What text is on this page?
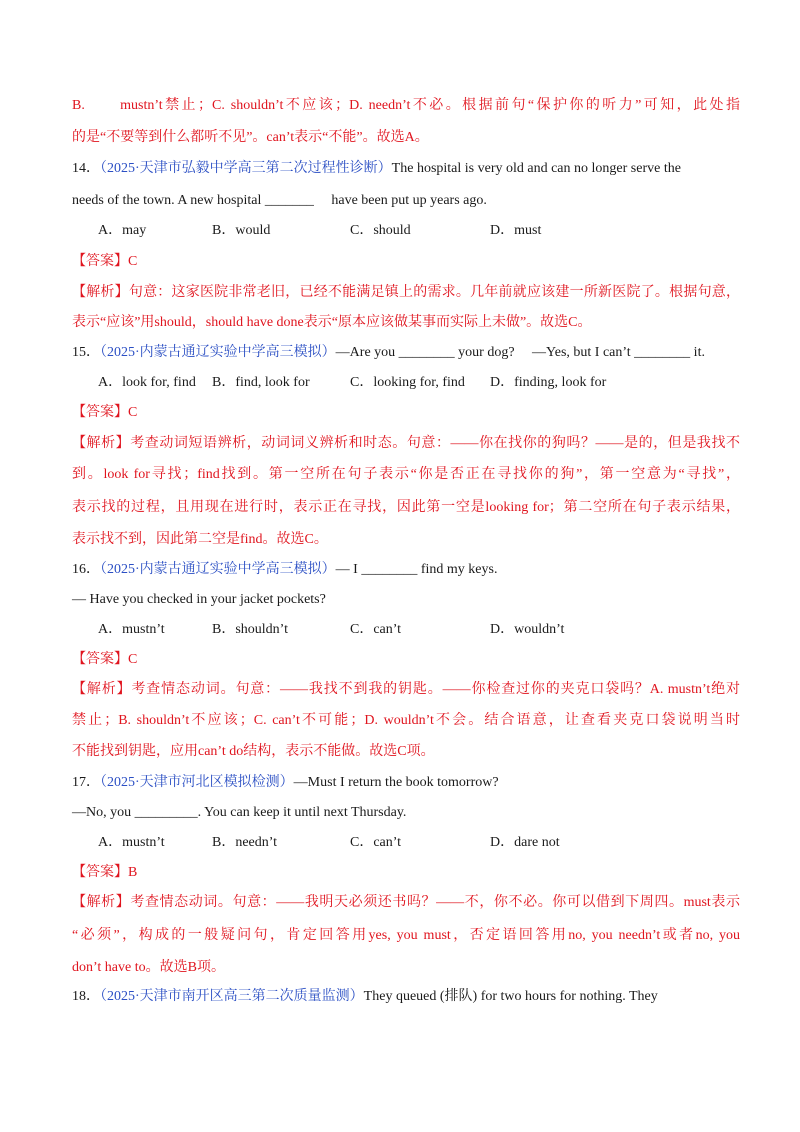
B.　　mustn’t禁止；C. shouldn’t不应该；D. needn’t不必。根据前句“保护你的听力”可知，此处指
的是“不要等到什么都听不见”。can’t表示“不能”。故选A。
14．（2025·天津市弘毅中学高三第二次过程性诊断）The hospital is very old and can no longer serve the
needs of the town. A new hospital _______　 have been put up years ago.
A．may	B．would	C．should	D．must
【答案】C
【解析】句意：这家医院非常老旧，已经不能满足镇上的需求。几年前就应该建一所新医院了。根据句意，
表示“应该”用should，should have done表示“原本应该做某事而实际上未做”。故选C。
15．（2025·内蒙古通辽实验中学高三模拟）—Are you ________ your dog?　 —Yes, but I can’t ________ it.
A．look for, find B．find, look for	C．looking for, find D．finding, look for
【答案】C
【解析】考查动词短语辨析，动词词义辨析和时态。句意：——你在找你的狗吗？——是的，但是我找不
到。look for寻找；find找到。第一空所在句子表示“你是否正在寻找你的狗”，第一空意为“寻找”，
表示找的过程，且用现在进行时，表示正在寻找，因此第一空是looking for；第二空所在句子表示结果，
表示找不到，因此第二空是find。故选C。
16．（2025·内蒙古通辽实验中学高三模拟）— I ________ find my keys.
— Have you checked in your jacket pockets?
A．mustn’t	B．shouldn’t	C．can’t	D．wouldn’t
【答案】C
【解析】考查情态动词。句意：——我找不到我的钥匙。——你检查过你的夹克口袋吗？A. mustn’t绝对
禁止；B. shouldn’t不应该；C. can’t不可能；D. wouldn’t不会。结合语意，让查看夹克口袋说明当时
不能找到钥匙，应用can’t do结构，表示不能做。故选C项。
17．（2025·天津市河北区模拟检测）—Must I return the book tomorrow?
—No, you _________. You can keep it until next Thursday.
A．mustn’t	B．needn’t	C．can’t	D．dare not
【答案】B
【解析】考查情态动词。句意：——我明天必须还书吗？——不，你不必。你可以借到下周四。must表示
“必须”，构成的一般疑问句，肯定回答用yes, you must，否定语回答用no, you needn’t或者no, you
don’t have to。故选B项。
18．（2025·天津市南开区高三第二次质量监测）They queued (排队) for two hours for nothing. They
